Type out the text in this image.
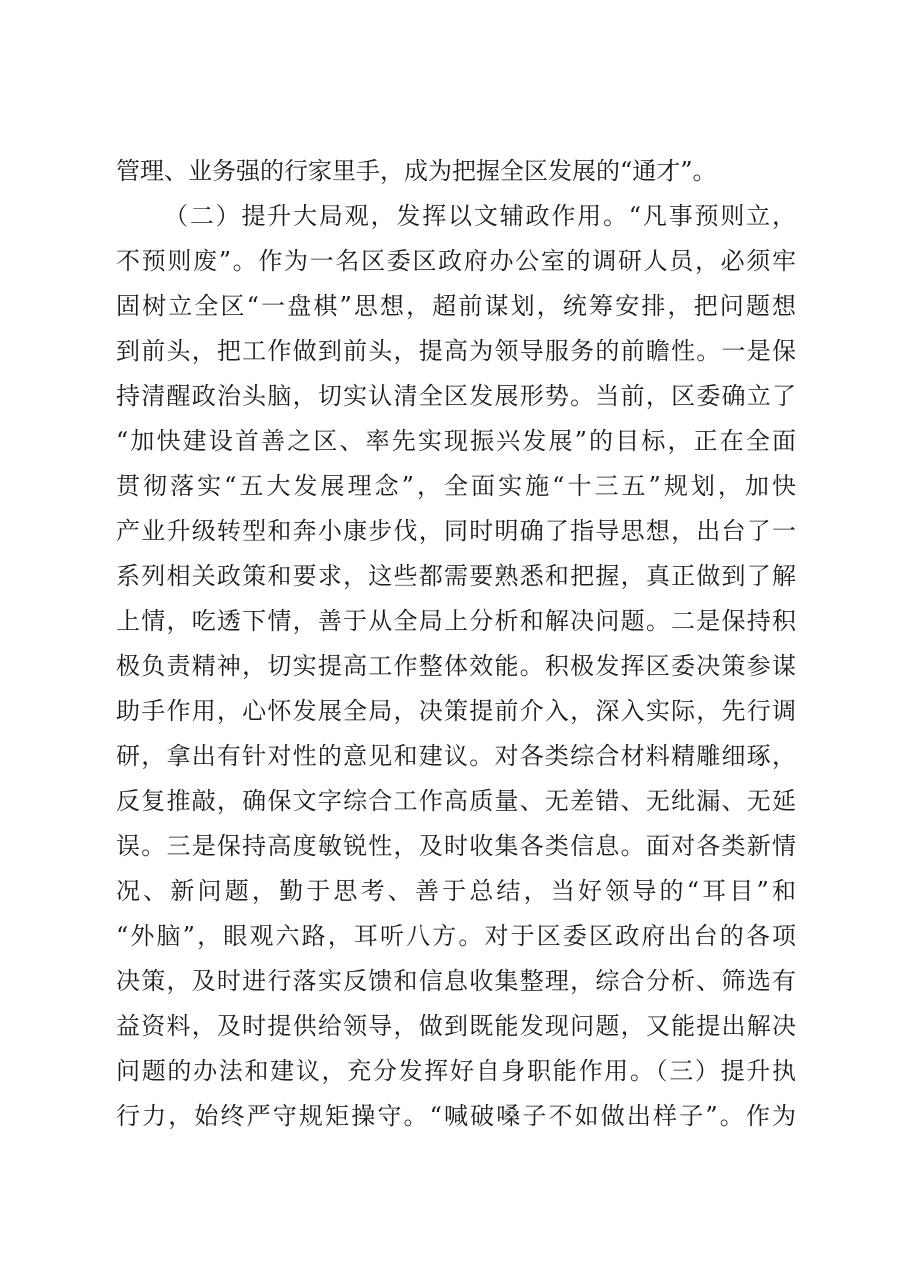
管理、业务强的行家里手，成为把握全区发展的“通才”。
（二）提升大局观，发挥以文辅政作用。“凡事预则立，
不预则废”。作为一名区委区政府办公室的调研人员，必须牢
固树立全区“一盘棋”思想，超前谋划，统筹安排，把问题想
到前头，把工作做到前头，提高为领导服务的前瞻性。一是保
持清醒政治头脑，切实认清全区发展形势。当前，区委确立了
“加快建设首善之区、率先实现振兴发展”的目标，正在全面
贯彻落实“五大发展理念”，全面实施“十三五”规划，加快
产业升级转型和奔小康步伐，同时明确了指导思想，出台了一
系列相关政策和要求，这些都需要熟悉和把握，真正做到了解
上情，吃透下情，善于从全局上分析和解决问题。二是保持积
极负责精神，切实提高工作整体效能。积极发挥区委决策参谋
助手作用，心怀发展全局，决策提前介入，深入实际，先行调
研，拿出有针对性的意见和建议。对各类综合材料精雕细琢，
反复推敲，确保文字综合工作高质量、无差错、无纰漏、无延
误。三是保持高度敏锐性，及时收集各类信息。面对各类新情
况、新问题，勤于思考、善于总结，当好领导的“耳目”和
“外脑”，眼观六路，耳听八方。对于区委区政府出台的各项
决策，及时进行落实反馈和信息收集整理，综合分析、筛选有
益资料，及时提供给领导，做到既能发现问题，又能提出解决
问题的办法和建议，充分发挥好自身职能作用。（三）提升执
行力，始终严守规矩操守。“喊破嗓子不如做出样子”。作为
